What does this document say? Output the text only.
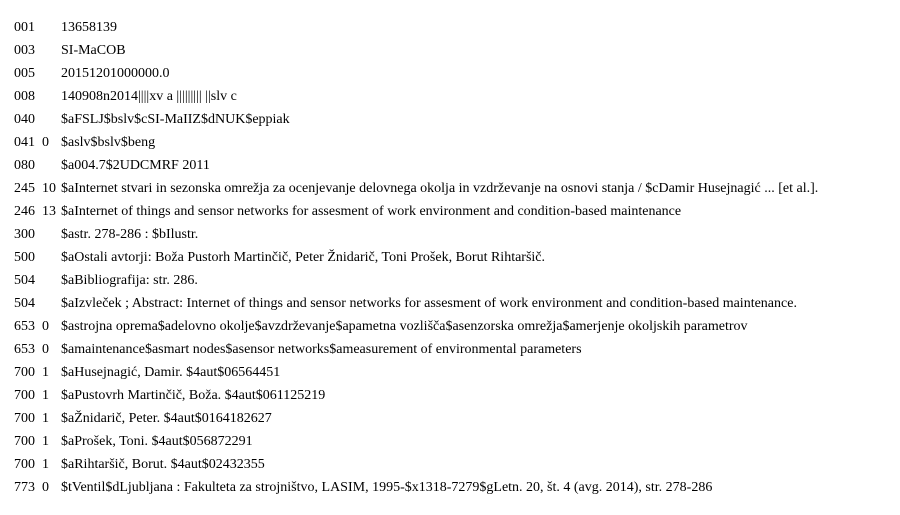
001 13658139
003 SI-MaCOB
005 20151201000000.0
008 140908n2014||||xv a ||||||||| ||slv c
040 $aFSLJ$bslv$cSI-MaIIZ$dNUK$eppiak
041 0 $aslv$bslv$beng
080 $a004.7$2UDCMRF 2011
245 10 $aInternet stvari in sezonska omrežja za ocenjevanje delovnega okolja in vzdrževanje na osnovi stanja / $cDamir Husejnagić ... [et al.].
246 13 $aInternet of things and sensor networks for assesment of work environment and condition-based maintenance
300 $astr. 278-286 : $bIlustr.
500 $aOstali avtorji: Boža Pustorh Martinčič, Peter Žnidarič, Toni Prošek, Borut Rihtaršič.
504 $aBibliografija: str. 286.
504 $aIzvleček ; Abstract: Internet of things and sensor networks for assesment of work environment and condition-based maintenance.
653 0 $astrojna oprema$adelovno okolje$avzdrževanje$apametna vozlišča$asenzorska omrežja$amerjenje okoljskih parametrov
653 0 $amaintenance$asmart nodes$asensor networks$ameasurement of environmental parameters
700 1 $aHusejnagić, Damir. $4aut$06564451
700 1 $aPustovrh Martinčič, Boža. $4aut$061125219
700 1 $aŽnidarič, Peter. $4aut$0164182627
700 1 $aProšek, Toni. $4aut$056872291
700 1 $aRihtaršič, Borut. $4aut$02432355
773 0 $tVentil$dLjubljana : Fakulteta za strojništvo, LASIM, 1995-$x1318-7279$gLetn. 20, št. 4 (avg. 2014), str. 278-286
